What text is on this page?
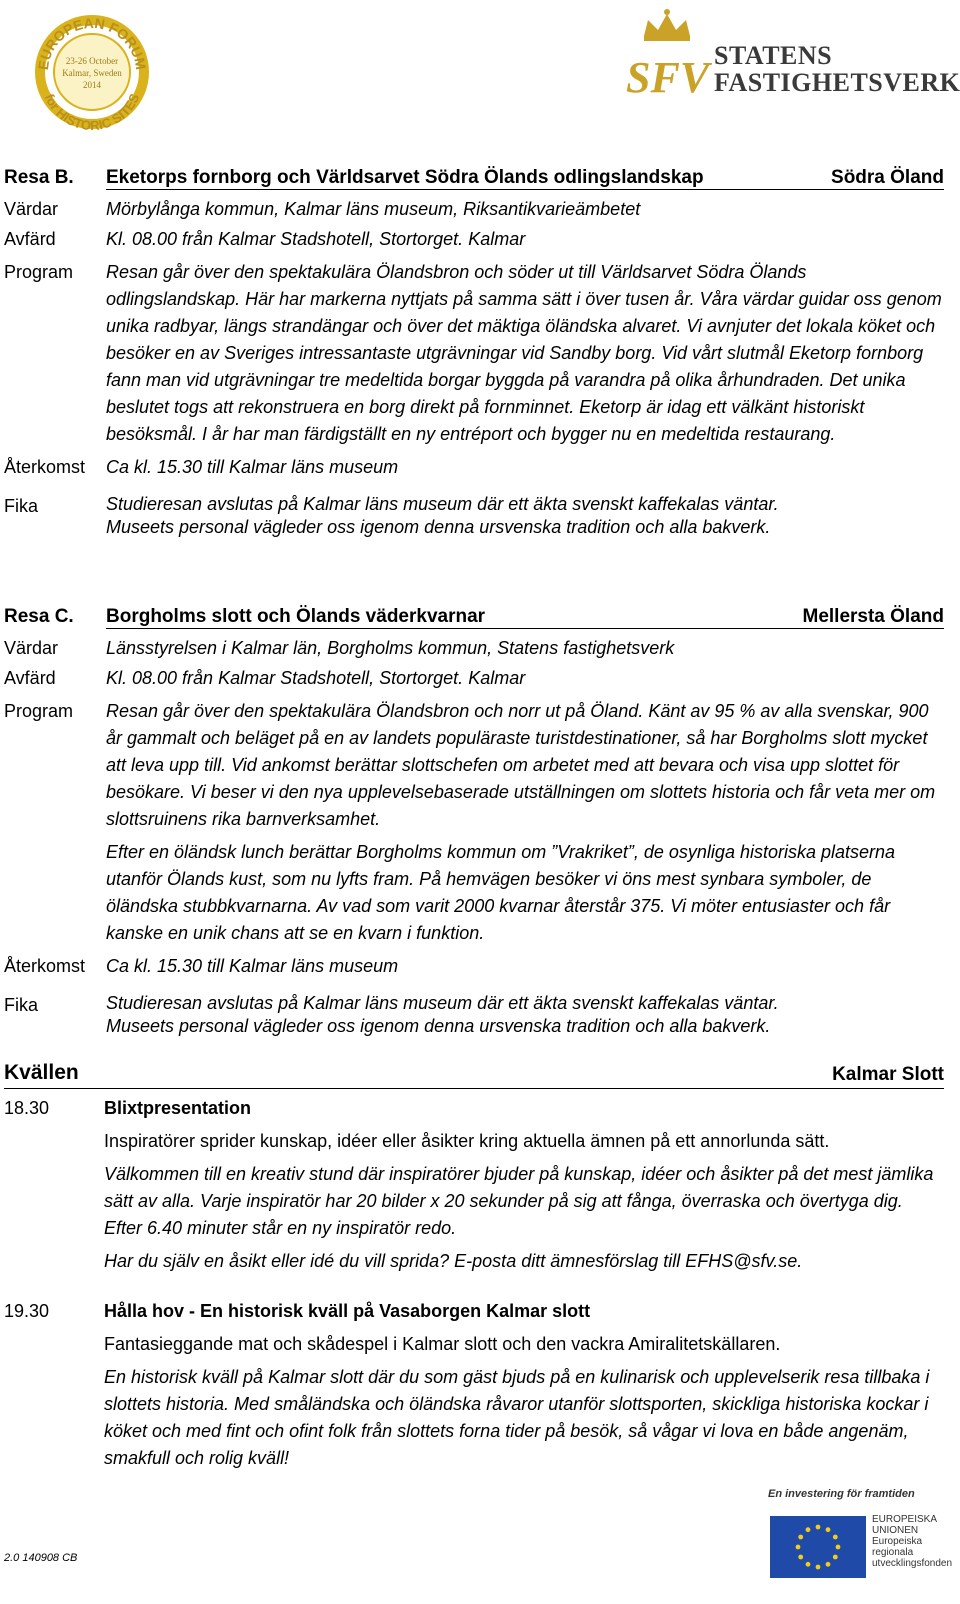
EUROPEAN FORUM
for HISTORIC SITES
23-26 October
Kalmar, Sweden
2014	SFV STATENS
FASTIGHETSVERK
Resa B. Eketorps fornborg och Världsarvet Södra Ölands odlingslandskap	Södra Öland
Värdar	Mörbylånga kommun, Kalmar läns museum, Riksantikvarieämbetet
Avfärd	Kl. 08.00 från Kalmar Stadshotell, Stortorget. Kalmar
Program	Resan går över den spektakulära Ölandsbron och söder ut till Världsarvet Södra Ölands odlingslandskap. Här har markerna nyttjats på samma sätt i över tusen år. Våra värdar guidar oss genom unika radbyar, längs strandängar och över det mäktiga öländska alvaret. Vi avnjuter det lokala köket och besöker en av Sveriges intressantaste utgrävningar vid Sandby borg. Vid vårt slutmål Eketorp fornborg fann man vid utgrävningar tre medeltida borgar byggda på varandra på olika århundraden. Det unika beslutet togs att rekonstruera en borg direkt på fornminnet. Eketorp är idag ett välkänt historiskt besöksmål. I år har man färdigställt en ny entréport och bygger nu en medeltida restaurang.
Återkomst	Ca kl. 15.30 till Kalmar läns museum
Fika	Studieresan avslutas på Kalmar läns museum där ett äkta svenskt kaffekalas väntar.

Museets personal vägleder oss igenom denna ursvenska tradition och alla bakverk.

Resa C. Borgholms slott och Ölands väderkvarnar	Mellersta Öland
Värdar	Länsstyrelsen i Kalmar län, Borgholms kommun, Statens fastighetsverk
Avfärd	Kl. 08.00 från Kalmar Stadshotell, Stortorget. Kalmar
Program	Resan går över den spektakulära Ölandsbron och norr ut på Öland. Känt av 95 % av alla svenskar, 900 år gammalt och beläget på en av landets populäraste turistdestinationer, så har Borgholms slott mycket att leva upp till. Vid ankomst berättar slottschefen om arbetet med att bevara och visa upp slottet för besökare. Vi beser vi den nya upplevelsebaserade utställningen om slottets historia och får veta mer om slottsruinens rika barnverksamhet.

Efter en öländsk lunch berättar Borgholms kommun om ”Vrakriket”, de osynliga historiska platserna utanför Ölands kust, som nu lyfts fram. På hemvägen besöker vi öns mest synbara symboler, de öländska stubbkvarnarna. Av vad som varit 2000 kvarnar återstår 375. Vi möter entusiaster och får kanske en unik chans att se en kvarn i funktion.

Återkomst	Ca kl. 15.30 till Kalmar läns museum
Fika	Studieresan avslutas på Kalmar läns museum där ett äkta svenskt kaffekalas väntar.

Museets personal vägleder oss igenom denna ursvenska tradition och alla bakverk.

Kvällen	Kalmar Slott
18.30	Blixtpresentation

Inspiratörer sprider kunskap, idéer eller åsikter kring aktuella ämnen på ett annorlunda sätt.

Välkommen till en kreativ stund där inspiratörer bjuder på kunskap, idéer och åsikter på det mest jämlika sätt av alla. Varje inspiratör har 20 bilder x 20 sekunder på sig att fånga, överraska och övertyga dig. Efter 6.40 minuter står en ny inspiratör redo.

Har du själv en åsikt eller idé du vill sprida? E-posta ditt ämnesförslag till EFHS@sfv.se.

19.30	Hålla hov - En historisk kväll på Vasaborgen Kalmar slott

Fantasieggande mat och skådespel i Kalmar slott och den vackra Amiralitetskällaren.

En historisk kväll på Kalmar slott där du som gäst bjuds på en kulinarisk och upplevelserik resa tillbaka i slottets historia. Med småländska och öländska råvaror utanför slottsporten, skickliga historiska kockar i köket och med fint och ofint folk från slottets forna tider på besök, så vågar vi lova en både angenäm, smakfull och rolig kväll!

2.0 140908 CB
En investering för framtiden
EUROPEISKA
UNIONEN
Europeiska
regionala
utvecklingsfonden
